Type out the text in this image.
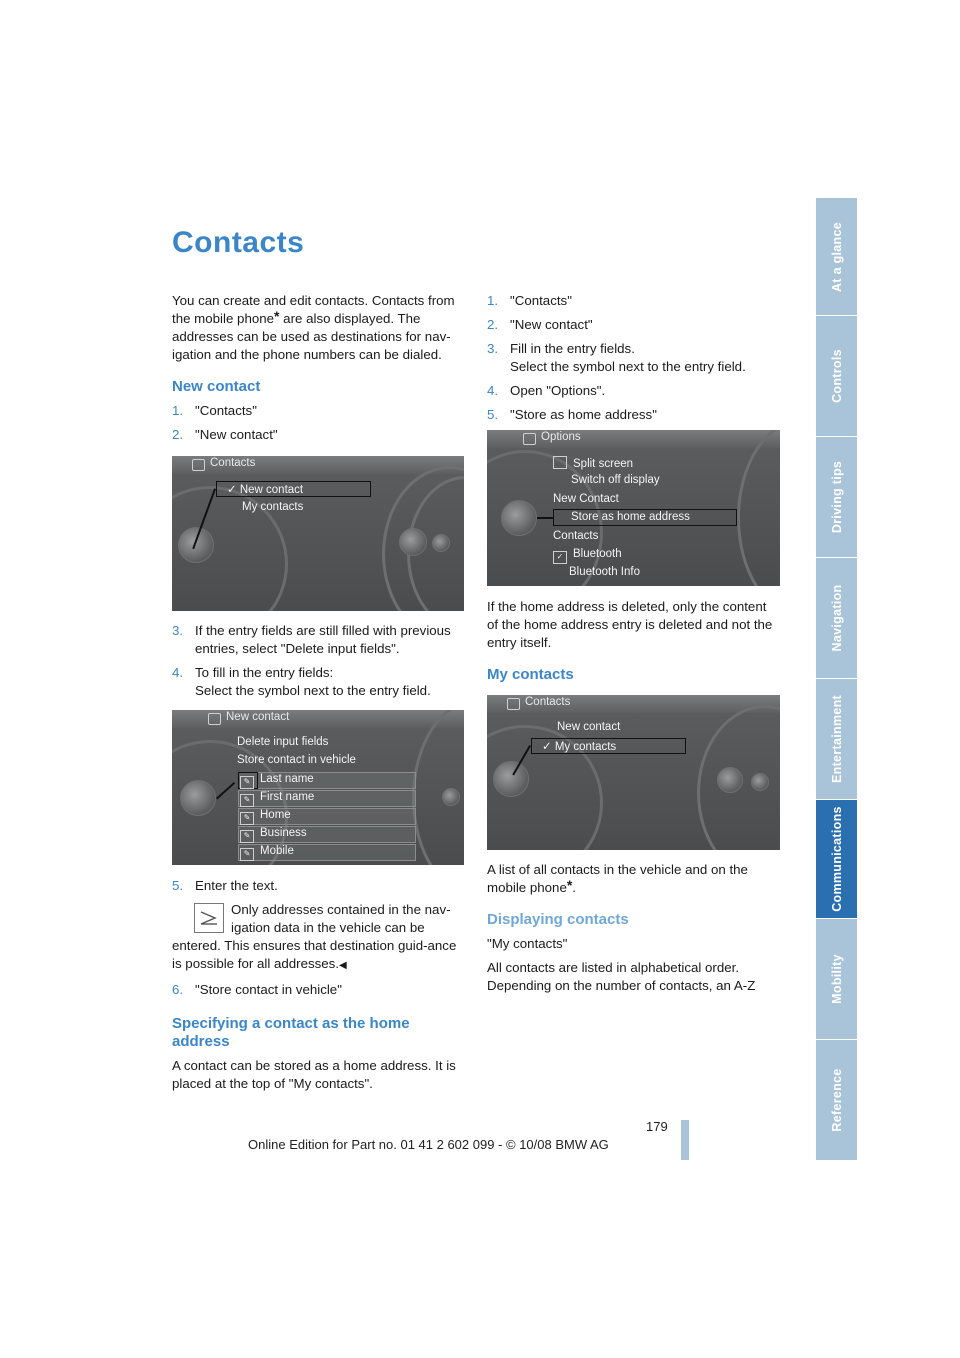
At a glance
Controls
Driving tips
Navigation
Entertainment
Communications
Mobility
Reference
Contacts

You can create and edit contacts. Contacts from the mobile phone* are also displayed. The addresses can be used as destinations for nav-igation and the phone numbers can be dialed.

New contact
1. "Contacts"
2. "New contact"
Contacts
✓ New contact
My contacts
3. If the entry fields are still filled with previous entries, select "Delete input fields".
4. To fill in the entry fields:
Select the symbol next to the entry field.
New contact
Delete input fields
Store contact in vehicle
✎ Last name
✎ First name
✎ Home
✎ Business
✎ Mobile
5. Enter the text.
Only addresses contained in the nav-igation data in the vehicle can be
entered. This ensures that destination guid-ance is possible for all addresses.◀
6. "Store contact in vehicle"
Specifying a contact as the home address

A contact can be stored as a home address. It is placed at the top of "My contacts".

1. "Contacts"
2. "New contact"
3. Fill in the entry fields.
Select the symbol next to the entry field.
4. Open "Options".
5. "Store as home address"
Options
Split screen
Switch off display
New Contact
Store as home address
Contacts
✓ Bluetooth
Bluetooth Info

If the home address is deleted, only the content of the home address entry is deleted and not the entry itself.

My contacts
Contacts
New contact
✓ My contacts

A list of all contacts in the vehicle and on the mobile phone*.

Displaying contacts

"My contacts"

All contacts are listed in alphabetical order. Depending on the number of contacts, an A-Z

179
Online Edition for Part no. 01 41 2 602 099 - © 10/08 BMW AG
